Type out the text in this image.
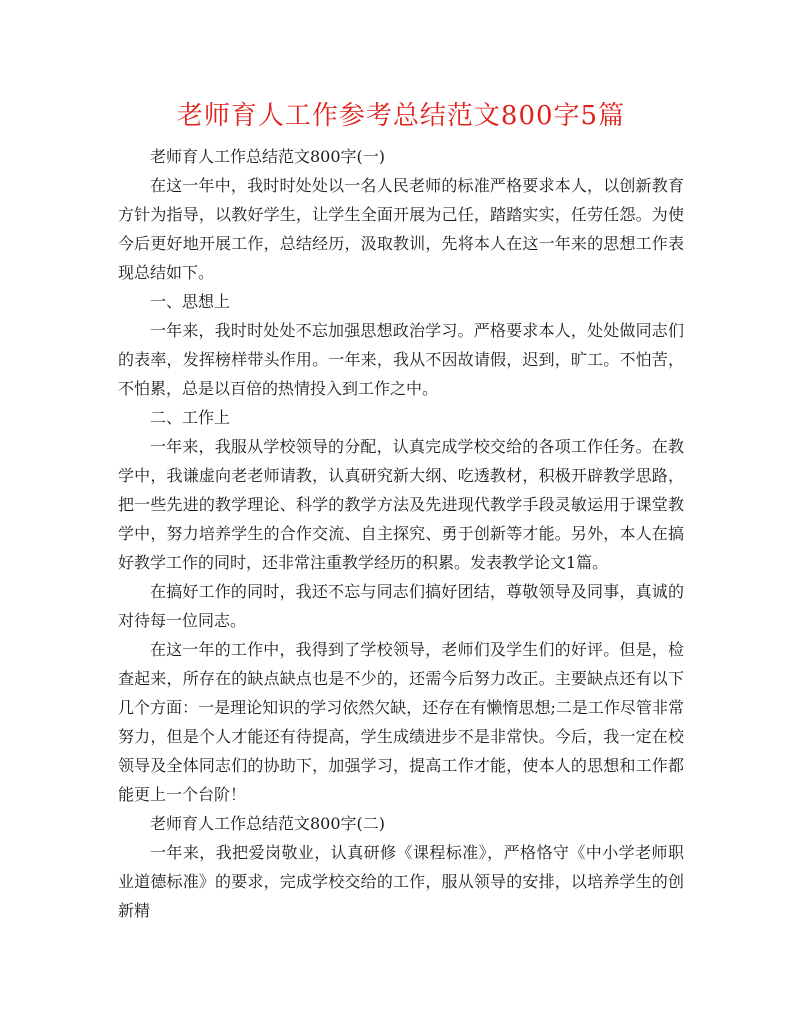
老师育人工作参考总结范文800字5篇

老师育人工作总结范文800字(一)

在这一年中，我时时处处以一名人民老师的标准严格要求本人，以创新教育方针为指导，以教好学生，让学生全面开展为己任，踏踏实实，任劳任怨。为使今后更好地开展工作，总结经历，汲取教训，先将本人在这一年来的思想工作表现总结如下。

一、思想上

一年来，我时时处处不忘加强思想政治学习。严格要求本人，处处做同志们的表率，发挥榜样带头作用。一年来，我从不因故请假，迟到，旷工。不怕苦，不怕累，总是以百倍的热情投入到工作之中。

二、工作上

一年来，我服从学校领导的分配，认真完成学校交给的各项工作任务。在教学中，我谦虚向老老师请教，认真研究新大纲、吃透教材，积极开辟教学思路，把一些先进的教学理论、科学的教学方法及先进现代教学手段灵敏运用于课堂教学中，努力培养学生的合作交流、自主探究、勇于创新等才能。另外，本人在搞好教学工作的同时，还非常注重教学经历的积累。发表教学论文1篇。

在搞好工作的同时，我还不忘与同志们搞好团结，尊敬领导及同事，真诚的对待每一位同志。

在这一年的工作中，我得到了学校领导，老师们及学生们的好评。但是，检查起来，所存在的缺点缺点也是不少的，还需今后努力改正。主要缺点还有以下几个方面：一是理论知识的学习依然欠缺，还存在有懒惰思想;二是工作尽管非常努力，但是个人才能还有待提高，学生成绩进步不是非常快。今后，我一定在校领导及全体同志们的协助下，加强学习，提高工作才能，使本人的思想和工作都能更上一个台阶！

老师育人工作总结范文800字(二)

一年来，我把爱岗敬业，认真研修《课程标准》，严格恪守《中小学老师职业道德标准》的要求，完成学校交给的工作，服从领导的安排，以培养学生的创新精
